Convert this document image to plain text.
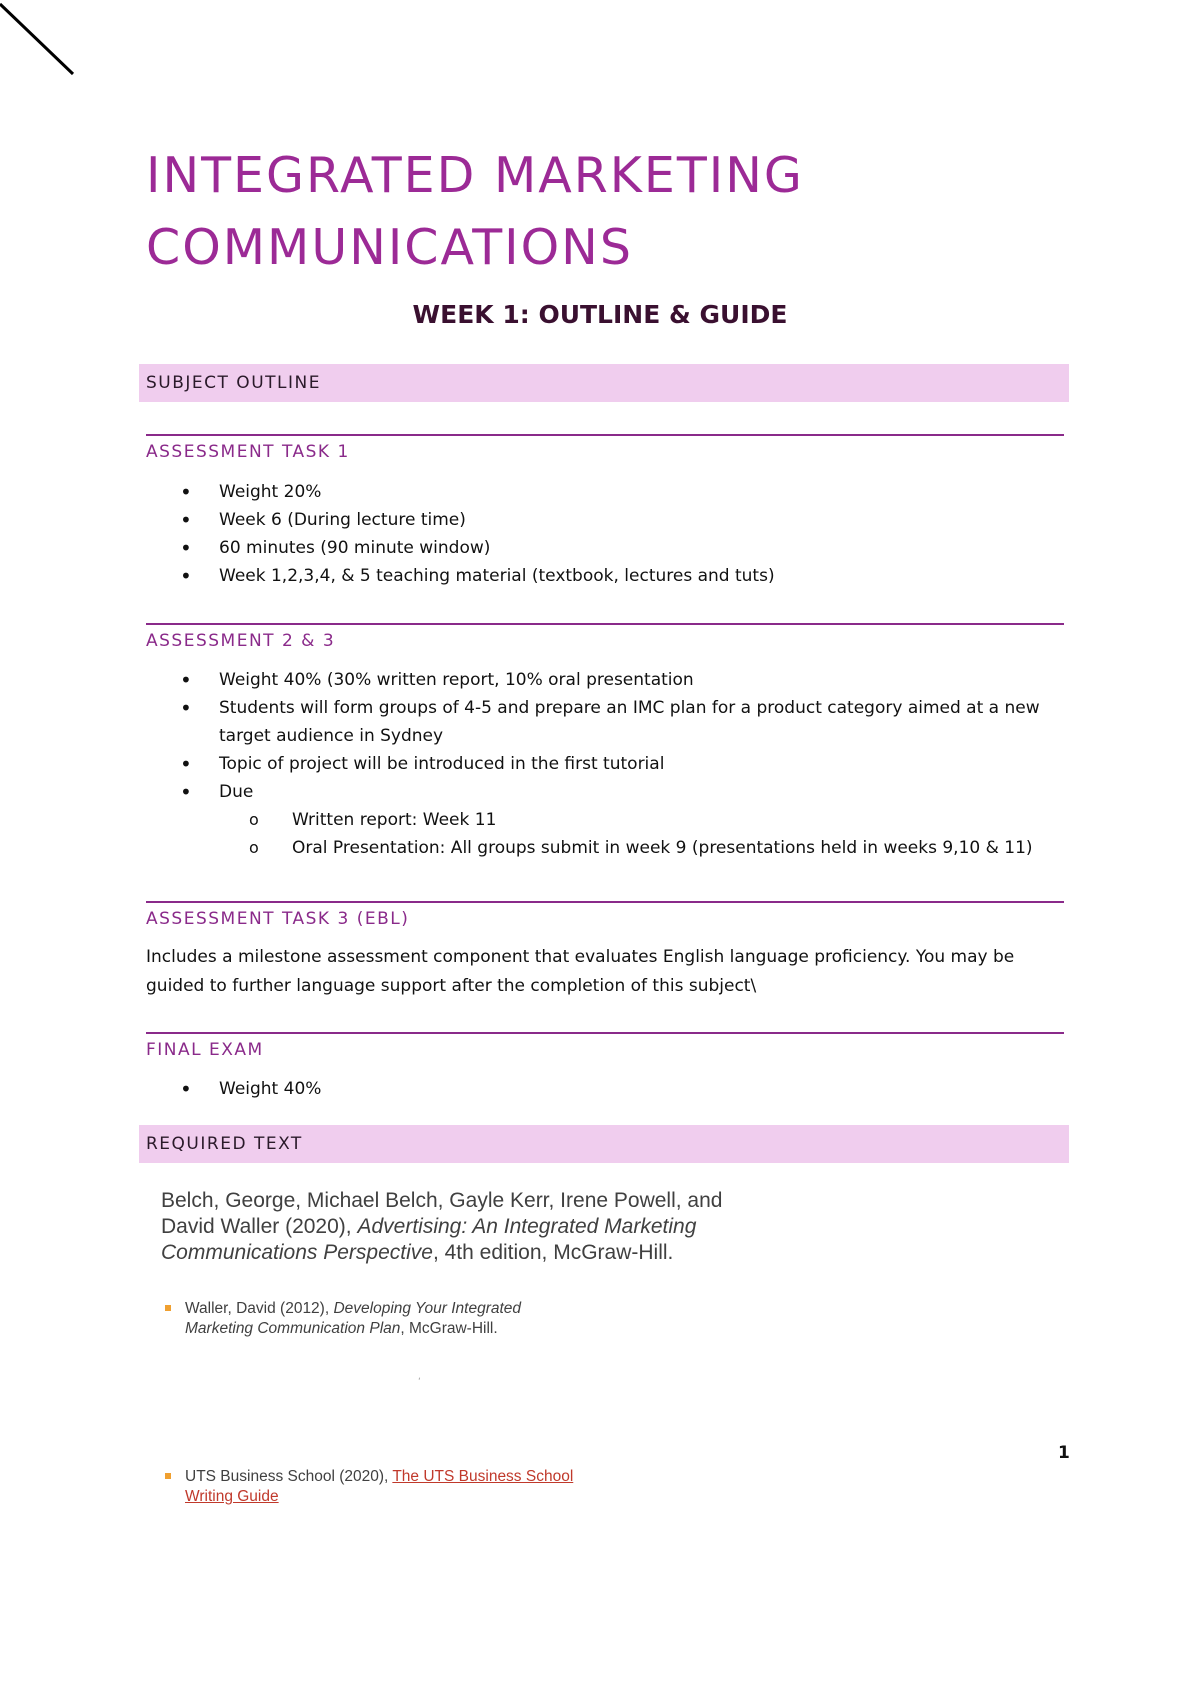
INTEGRATED MARKETING
COMMUNICATIONS
WEEK 1: OUTLINE & GUIDE
SUBJECT OUTLINE
ASSESSMENT TASK 1
• Weight 20%
• Week 6 (During lecture time)
• 60 minutes (90 minute window)
• Week 1,2,3,4, & 5 teaching material (textbook, lectures and tuts)
ASSESSMENT 2 & 3
• Weight 40% (30% written report, 10% oral presentation
• Students will form groups of 4-5 and prepare an IMC plan for a product category aimed at a new target audience in Sydney
• Topic of project will be introduced in the first tutorial
• Due
o Written report: Week 11
o Oral Presentation: All groups submit in week 9 (presentations held in weeks 9,10 & 11)
ASSESSMENT TASK 3 (EBL)

Includes a milestone assessment component that evaluates English language proficiency. You may be guided to further language support after the completion of this subject\

FINAL EXAM
• Weight 40%
REQUIRED TEXT
Belch, George, Michael Belch, Gayle Kerr, Irene Powell, and David Waller (2020), Advertising: An Integrated Marketing Communications Perspective, 4th edition, McGraw-Hill.
Waller, David (2012), Developing Your Integrated Marketing Communication Plan, McGraw-Hill.
‘
1
UTS Business School (2020), The UTS Business School Writing Guide
